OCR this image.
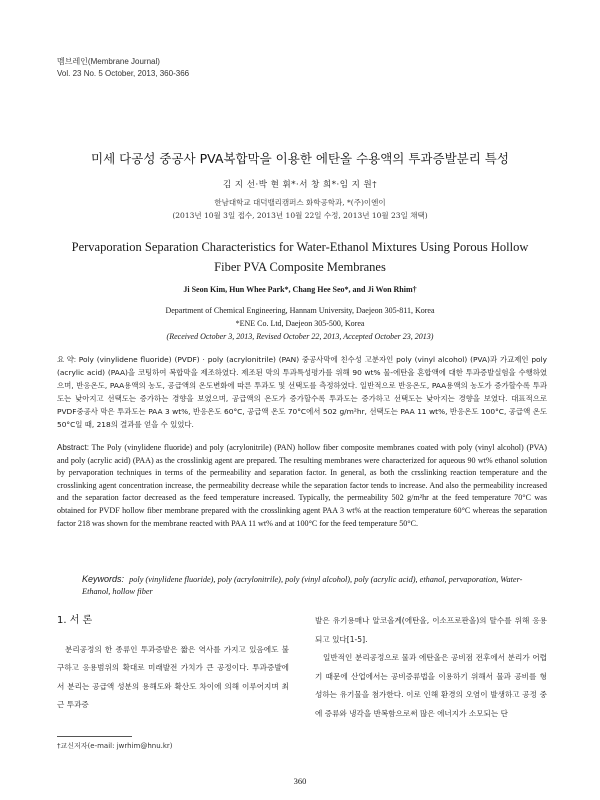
멤브레인(Membrane Journal)
Vol. 23 No. 5 October, 2013, 360-366
미세 다공성 중공사 PVA복합막을 이용한 에탄올 수용액의 투과증발분리 특성
김 지 선·박 현 휘*·서 창 희*·임 지 원†
한남대학교 대덕밸리캠퍼스 화학공학과, *(주)이엔이
(2013년 10월 3일 접수, 2013년 10월 22일 수정, 2013년 10월 23일 채택)
Pervaporation Separation Characteristics for Water-Ethanol Mixtures Using Porous Hollow
Fiber PVA Composite Membranes
Ji Seon Kim, Hun Whee Park*, Chang Hee Seo*, and Ji Won Rhim†
Department of Chemical Engineering, Hannam University, Daejeon 305-811, Korea
*ENE Co. Ltd, Daejeon 305-500, Korea
(Received October 3, 2013, Revised October 22, 2013, Accepted October 23, 2013)
요 약: Poly (vinylidene fluoride) (PVDF) · poly (acrylonitrile) (PAN) 중공사막에 친수성 고분자인 poly (vinyl alcohol) (PVA)과 가교제인 poly (acrylic acid) (PAA)을 코팅하여 복합막을 제조하였다. 제조된 막의 투과특성평가를 위해 90 wt% 물-에탄올 혼합액에 대한 투과증발실험을 수행하였으며, 반응온도, PAA용액의 농도, 공급액의 온도변화에 따른 투과도 및 선택도를 측정하였다. 일반적으로 반응온도, PAA용액의 농도가 증가할수록 투과도는 낮아지고 선택도는 증가하는 경향을 보였으며, 공급액의 온도가 증가할수록 투과도는 증가하고 선택도는 낮아지는 경향을 보였다. 대표적으로 PVDF중공사 막은 투과도는 PAA 3 wt%, 반응온도 60°C, 공급액 온도 70°C에서 502 g/m²hr, 선택도는 PAA 11 wt%, 반응온도 100°C, 공급액 온도 50°C일 때, 218의 결과를 얻을 수 있었다.
Abstract: The Poly (vinylidene fluoride) and poly (acrylonitrile) (PAN) hollow fiber composite membranes coated with poly (vinyl alcohol) (PVA) and poly (acrylic acid) (PAA) as the crosslinkig agent are prepared. The resulting membranes were characterized for aqueous 90 wt% ethanol solution by pervaporation techniques in terms of the permeability and separation factor. In general, as both the crsslinking reaction temperature and the crosslinking agent concentration increase, the permeability decrease while the separation factor tends to increase. And also the permeability increased and the separation factor decreased as the feed temperature increased. Typically, the permeability 502 g/m²hr at the feed temperature 70°C was obtained for PVDF hollow fiber membrane prepared with the crosslinking agent PAA 3 wt% at the reaction temperature 60°C whereas the separation factor 218 was shown for the membrane reacted with PAA 11 wt% and at 100°C for the feed temperature 50°C.
Keywords: poly (vinylidene fluoride), poly (acrylonitrile), poly (vinyl alcohol), poly (acrylic acid), ethanol, pervaporation, Water-Ethanol, hollow fiber
1. 서 론

분리공정의 한 종류인 투과증발은 짧은 역사를 가지고 있음에도 불구하고 응용범위의 확대로 미래발전 가치가 큰 공정이다. 투과증발에서 분리는 공급액 성분의 용해도와 확산도 차이에 의해 이루어지며 최근 투과증

발은 유기용매나 알코올계(에탄올, 이소프로판올)의 탈수를 위해 응용되고 있다[1-5].

일반적인 분리공정으로 물과 에탄올은 공비점 전후에서 분리가 어렵기 때문에 산업에서는 공비증류법을 이용하기 위해서 물과 공비를 형성하는 유기물을 첨가한다. 이로 인해 환경의 오염이 발생하고 공정 중에 증류와 냉각을 반복함으로써 많은 에너지가 소모되는 단

†교신저자(e-mail: jwrhim@hnu.kr)
360
